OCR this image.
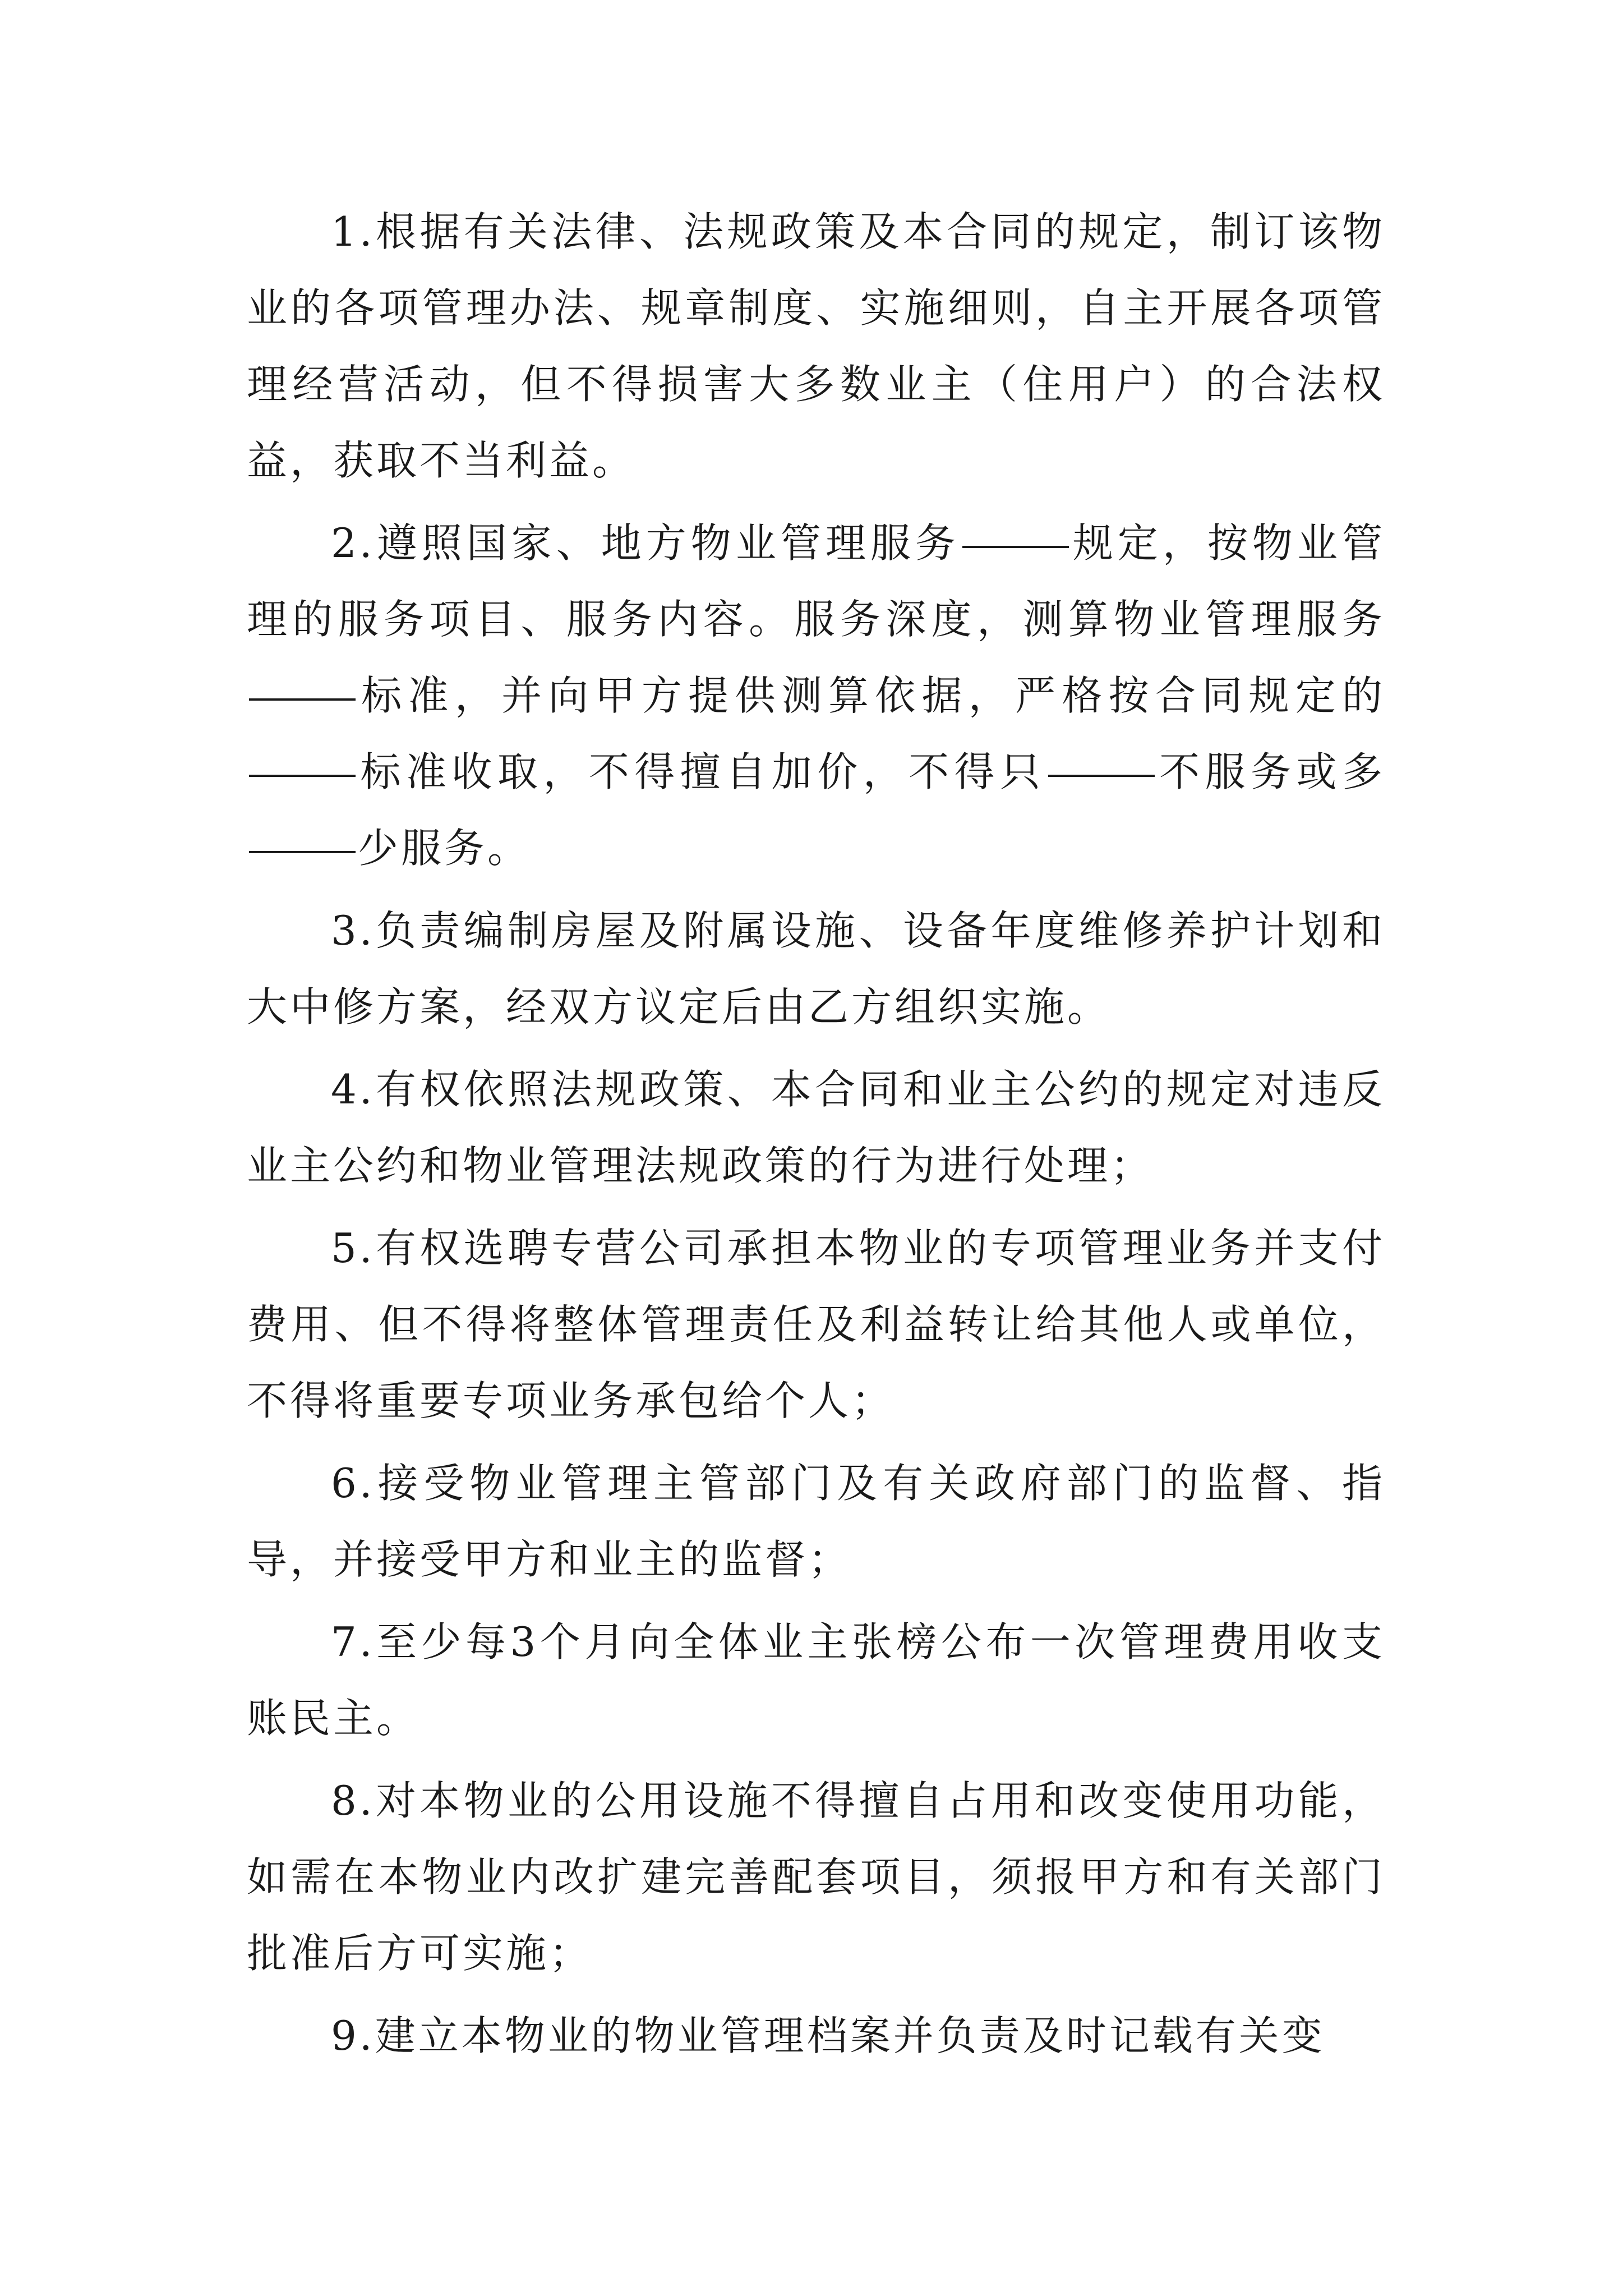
1.根据有关法律、法规政策及本合同的规定，制订该物业的各项管理办法、规章制度、实施细则，自主开展各项管理经营活动，但不得损害大多数业主（住用户）的合法权益，获取不当利益。

2.遵照国家、地方物业管理服务	规定，按物业管理的服务项目、服务内容。服务深度，测算物业管理服务标准，并向甲方提供测算依据，严格按合同规定的标准收取，不得擅自加价，不得只	不服务或多少服务。

3.负责编制房屋及附属设施、设备年度维修养护计划和大中修方案，经双方议定后由乙方组织实施。

4.有权依照法规政策、本合同和业主公约的规定对违反业主公约和物业管理法规政策的行为进行处理；

5.有权选聘专营公司承担本物业的专项管理业务并支付费用、但不得将整体管理责任及利益转让给其他人或单位，不得将重要专项业务承包给个人；

6.接受物业管理主管部门及有关政府部门的监督、指导，并接受甲方和业主的监督；

7.至少每3个月向全体业主张榜公布一次管理费用收支账民主。

8.对本物业的公用设施不得擅自占用和改变使用功能，如需在本物业内改扩建完善配套项目，须报甲方和有关部门批准后方可实施；

9.建立本物业的物业管理档案并负责及时记载有关变
